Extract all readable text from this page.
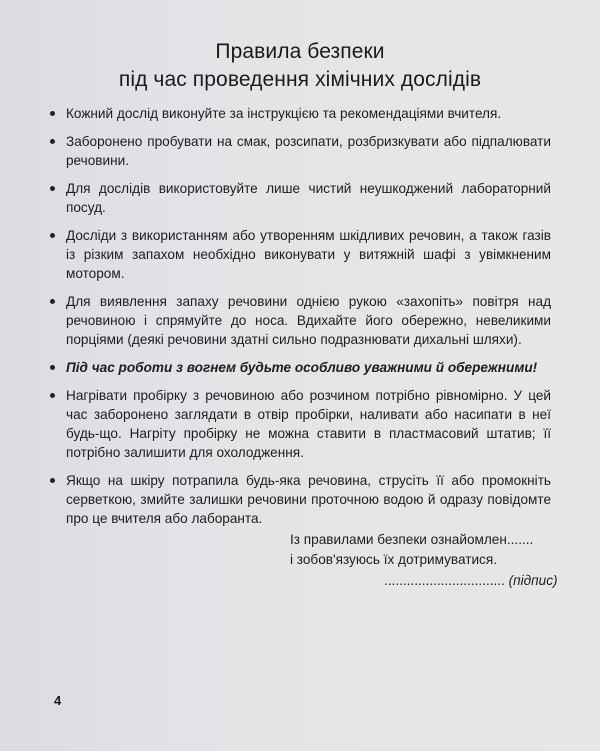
Правила безпеки
під час проведення хімічних дослідів
Кожний дослід виконуйте за інструкцією та рекомендаціями вчителя.
Заборонено пробувати на смак, розсипати, розбризкувати або підпалювати речовини.
Для дослідів використовуйте лише чистий неушкоджений лабораторний посуд.
Досліди з використанням або утворенням шкідливих речовин, а також газів із різким запахом необхідно виконувати у витяжній шафі з увімкненим мотором.
Для виявлення запаху речовини однією рукою «захопіть» повітря над речовиною і спрямуйте до носа. Вдихайте його обережно, невеликими порціями (деякі речовини здатні сильно подразнювати дихальні шляхи).
Під час роботи з вогнем будьте особливо уважними й обережними!
Нагрівати пробірку з речовиною або розчином потрібно рівномірно. У цей час заборонено заглядати в отвір пробірки, наливати або насипати в неї будь-що. Нагріту пробірку не можна ставити в пластмасовий штатив; її потрібно залишити для охолодження.
Якщо на шкіру потрапила будь-яка речовина, струсіть її або промокніть серветкою, змийте залишки речовини проточною водою й одразу повідомте про це вчителя або лаборанта.
Із правилами безпеки ознайомлен.......
і зобов'язуюсь їх дотримуватися.
................................ (підпис)
4
